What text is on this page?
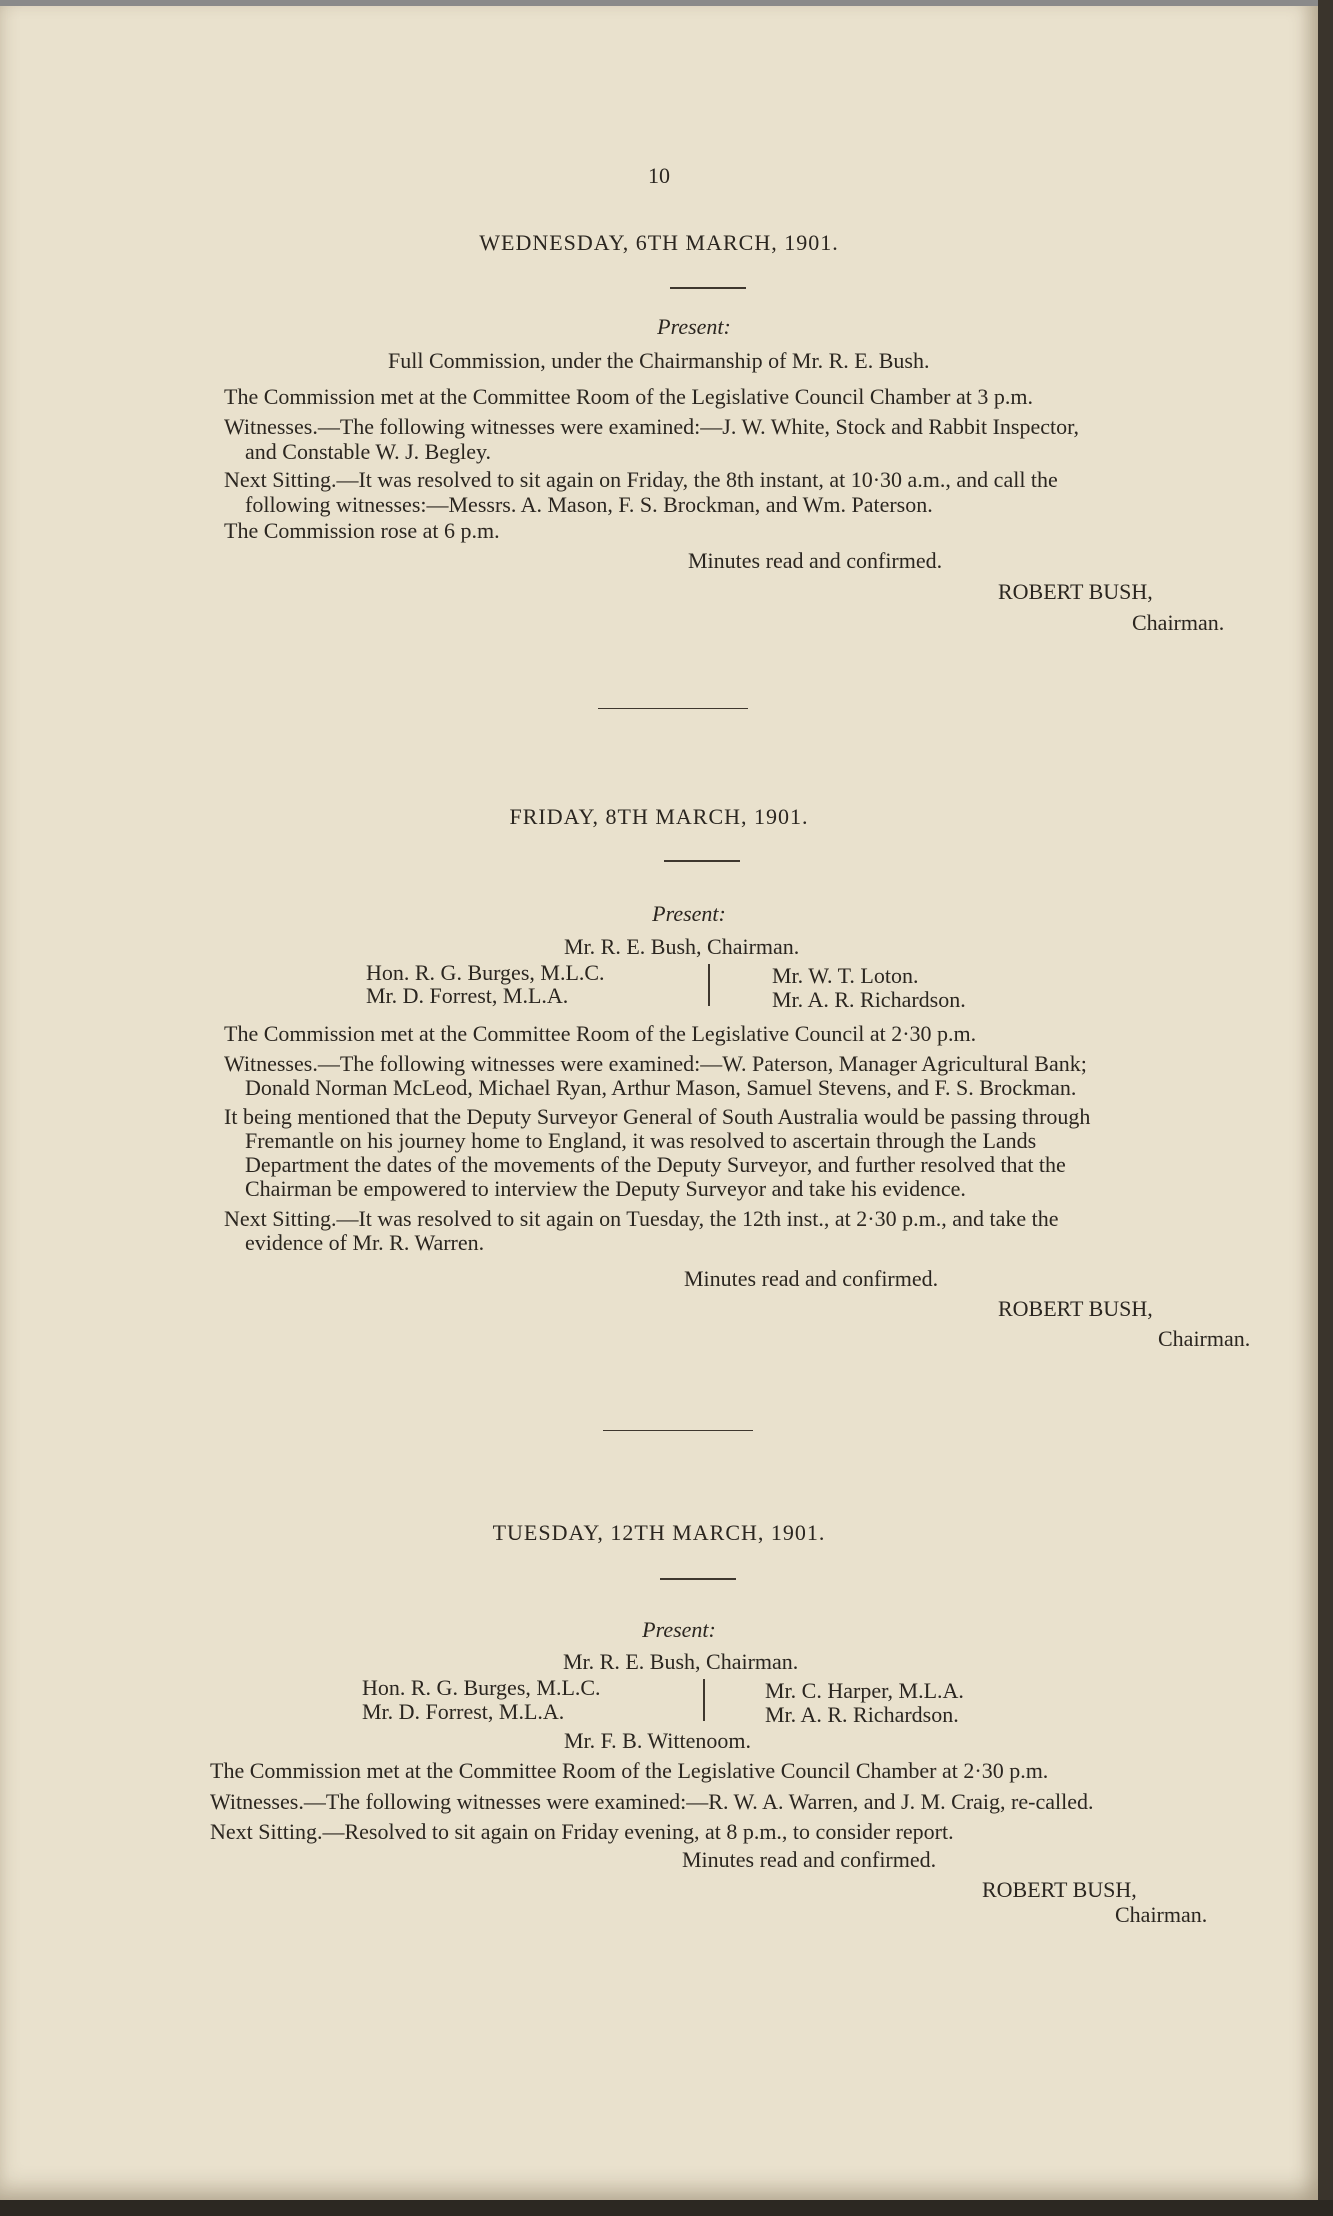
10
WEDNESDAY, 6TH MARCH, 1901.
Present:
Full Commission, under the Chairmanship of Mr. R. E. Bush.
The Commission met at the Committee Room of the Legislative Council Chamber at 3 p.m.
Witnesses.—The following witnesses were examined:—J. W. White, Stock and Rabbit Inspector,
and Constable W. J. Begley.
Next Sitting.—It was resolved to sit again on Friday, the 8th instant, at 10·30 a.m., and call the
following witnesses:—Messrs. A. Mason, F. S. Brockman, and Wm. Paterson.
The Commission rose at 6 p.m.
Minutes read and confirmed.
ROBERT BUSH,
Chairman.
FRIDAY, 8TH MARCH, 1901.
Present:
Mr. R. E. Bush, Chairman.
Hon. R. G. Burges, M.L.C.
Mr. D. Forrest, M.L.A.
Mr. W. T. Loton.
Mr. A. R. Richardson.
The Commission met at the Committee Room of the Legislative Council at 2·30 p.m.
Witnesses.—The following witnesses were examined:—W. Paterson, Manager Agricultural Bank;
Donald Norman McLeod, Michael Ryan, Arthur Mason, Samuel Stevens, and F. S. Brockman.
It being mentioned that the Deputy Surveyor General of South Australia would be passing through
Fremantle on his journey home to England, it was resolved to ascertain through the Lands
Department the dates of the movements of the Deputy Surveyor, and further resolved that the
Chairman be empowered to interview the Deputy Surveyor and take his evidence.
Next Sitting.—It was resolved to sit again on Tuesday, the 12th inst., at 2·30 p.m., and take the
evidence of Mr. R. Warren.
Minutes read and confirmed.
ROBERT BUSH,
Chairman.
TUESDAY, 12TH MARCH, 1901.
Present:
Mr. R. E. Bush, Chairman.
Hon. R. G. Burges, M.L.C.
Mr. D. Forrest, M.L.A.
Mr. C. Harper, M.L.A.
Mr. A. R. Richardson.
Mr. F. B. Wittenoom.
The Commission met at the Committee Room of the Legislative Council Chamber at 2·30 p.m.
Witnesses.—The following witnesses were examined:—R. W. A. Warren, and J. M. Craig, re-called.
Next Sitting.—Resolved to sit again on Friday evening, at 8 p.m., to consider report.
Minutes read and confirmed.
ROBERT BUSH,
Chairman.
